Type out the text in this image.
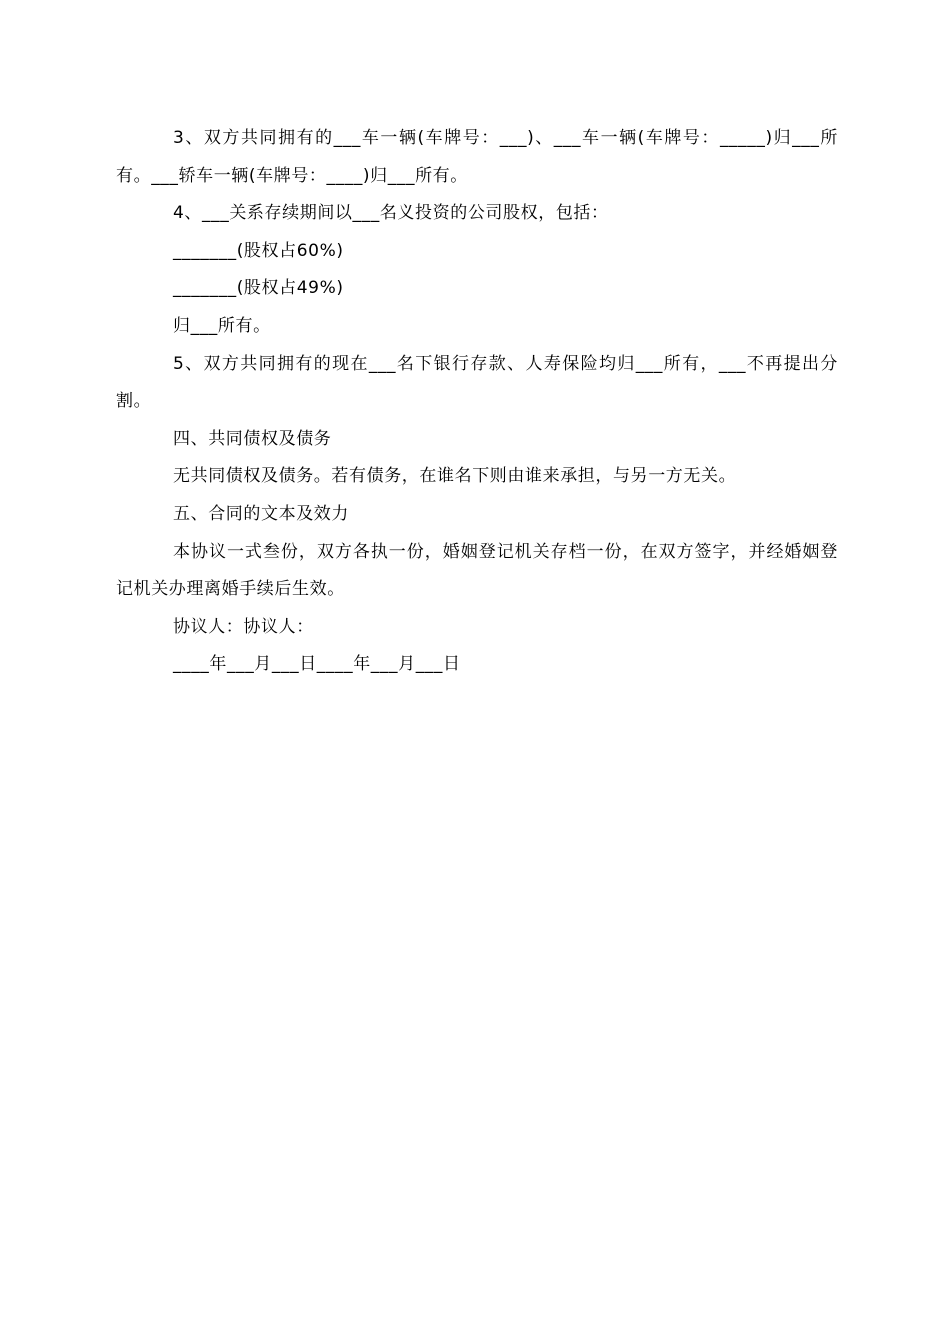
3、双方共同拥有的___车一辆(车牌号：___)、___车一辆(车牌号：_____)归___所有。___轿车一辆(车牌号：____)归___所有。

4、___关系存续期间以___名义投资的公司股权，包括：

_______(股权占60%)

_______(股权占49%)

归___所有。

5、双方共同拥有的现在___名下银行存款、人寿保险均归___所有，___不再提出分割。

四、共同债权及债务

无共同债权及债务。若有债务，在谁名下则由谁来承担，与另一方无关。

五、合同的文本及效力

本协议一式叁份，双方各执一份，婚姻登记机关存档一份，在双方签字，并经婚姻登记机关办理离婚手续后生效。

协议人：协议人：

____年___月___日____年___月___日
